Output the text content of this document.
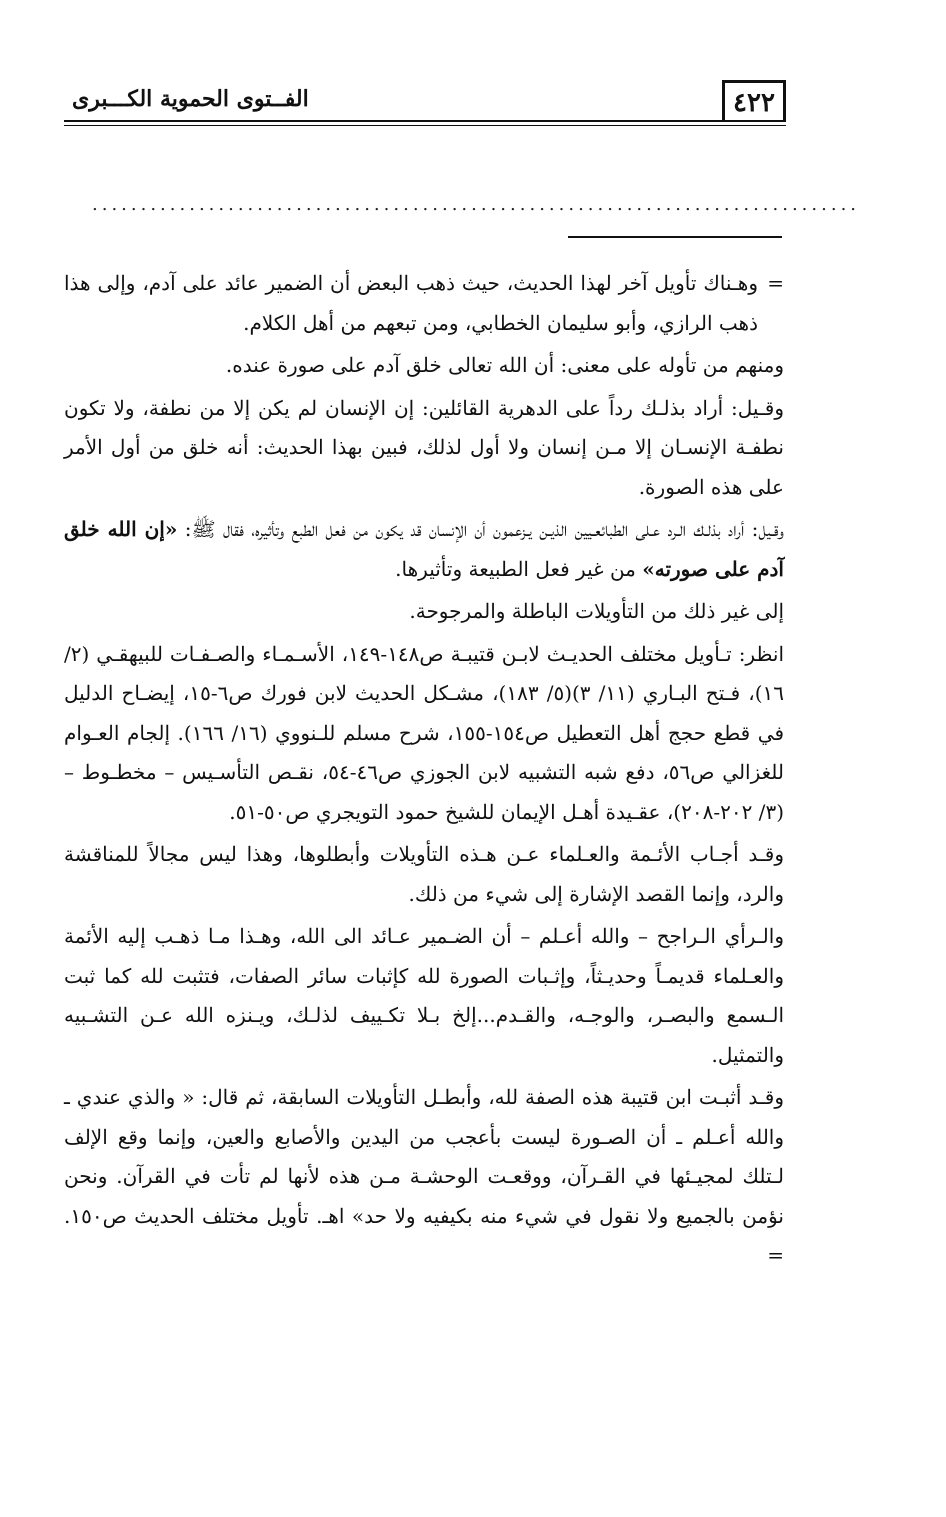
٤٢٢
الفــتوى الحموية الكـــبرى
...............................................................................

=
وهـناك تأويل آخر لهذا الحديث، حيث ذهب البعض أن الضمير عائد على آدم، وإلى هذا ذهب الرازي، وأبو سليمان الخطابي، ومن تبعهم من أهل الكلام.

ومنهم من تأوله على معنى: أن الله تعالى خلق آدم على صورة عنده.

وقـيل: أراد بذلـك رداً على الدهرية القائلين: إن الإنسان لم يكن إلا من نطفة، ولا تكون نطفـة الإنسـان إلا مـن إنسان ولا أول لذلك، فبين بهذا الحديث: أنه خلق من أول الأمر على هذه الصورة.

وقـيل: أراد بذلـك الـرد عـلى الطبائعـيين الذيـن يـزعمون أن الإنسان قد يكون من فعل الطبع وتأثيره، فقال ﷺ: «إن الله خلق آدم على صورته» من غير فعل الطبيعة وتأثيرها.

إلى غير ذلك من التأويلات الباطلة والمرجوحة.

انظر: تـأويل مختلف الحديـث لابـن قتيبـة ص١٤٨-١٤٩، الأسـمـاء والصـفـات للبيهقـي (٢/ ١٦)، فـتح البـاري (١١/ ٣)(٥/ ١٨٣)، مشـكل الحديث لابن فورك ص٦-١٥، إيضـاح الدليل في قطع حجج أهل التعطيل ص١٥٤-١٥٥، شرح مسلم للـنووي (١٦/ ١٦٦). إلجام العـوام للغزالي ص٥٦، دفع شبه التشبيه لابن الجوزي ص٤٦-٥٤، نقـص التأسـيس – مخطـوط – (٣/ ٢٠٢-٢٠٨)، عقـيدة أهـل الإيمان للشيخ حمود التويجري ص٥٠-٥١.

وقـد أجـاب الأئـمة والعـلماء عـن هـذه التأويلات وأبطلوها، وهذا ليس مجالاً للمناقشة والرد، وإنما القصد الإشارة إلى شيء من ذلك.

والـرأي الـراجح – والله أعـلم – أن الضـمير عـائد الى الله، وهـذا مـا ذهـب إليه الأئمة والعـلماء قديمـاً وحديـثاً، وإثـبات الصورة لله كإثبات سائر الصفات، فتثبت لله كما ثبت الـسمع والبصـر، والوجـه، والقـدم...إلخ بـلا تكـييف لذلـك، ويـنزه الله عـن التشـبيه والتمثيل.

وقـد أثبـت ابن قتيبة هذه الصفة لله، وأبطـل التأويلات السابقة، ثم قال: « والذي عندي ـ والله أعـلم ـ أن الصـورة ليست بأعجب من اليدين والأصابع والعين، وإنما وقع الإلف لـتلك لمجيـئها في القـرآن، ووقعـت الوحشـة مـن هذه لأنها لم تأت في القرآن. ونحن نؤمن بالجميع ولا نقول في شيء منه بكيفيه ولا حد» اهـ. تأويل مختلف الحديث ص١٥٠. =
